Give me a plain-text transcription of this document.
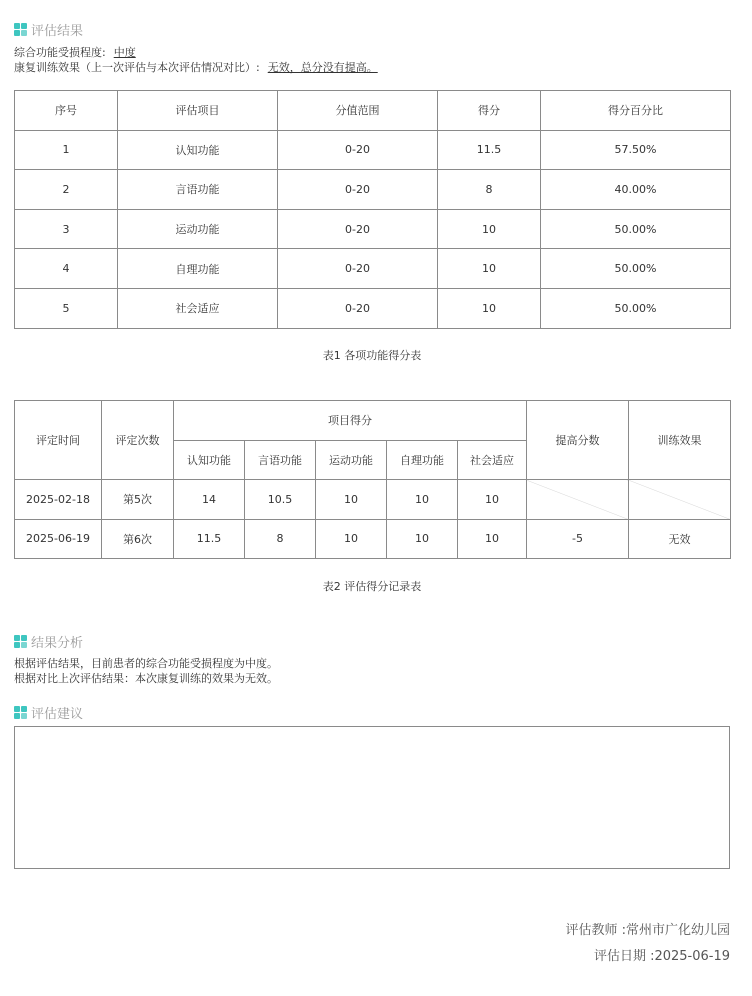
评估结果
综合功能受损程度: 中度
康复训练效果（上一次评估与本次评估情况对比）: 无效，总分没有提高。
序号	评估项目	分值范围	得分	得分百分比
1	认知功能	0-20	11.5	57.50%
2	言语功能	0-20	8	40.00%
3	运动功能	0-20	10	50.00%
4	自理功能	0-20	10	50.00%
5	社会适应	0-20	10	50.00%
表1 各项功能得分表
评定时间	评定次数	项目得分					提高分数	训练效果
		认知功能	言语功能	运动功能	自理功能	社会适应		
2025-02-18	第5次	14	10.5	10	10	10		
2025-06-19	第6次	11.5	8	10	10	10	-5	无效
表2 评估得分记录表
结果分析
根据评估结果，目前患者的综合功能受损程度为中度。
根据对比上次评估结果：本次康复训练的效果为无效。
评估建议
评估教师 :常州市广化幼儿园
评估日期 :2025-06-19
